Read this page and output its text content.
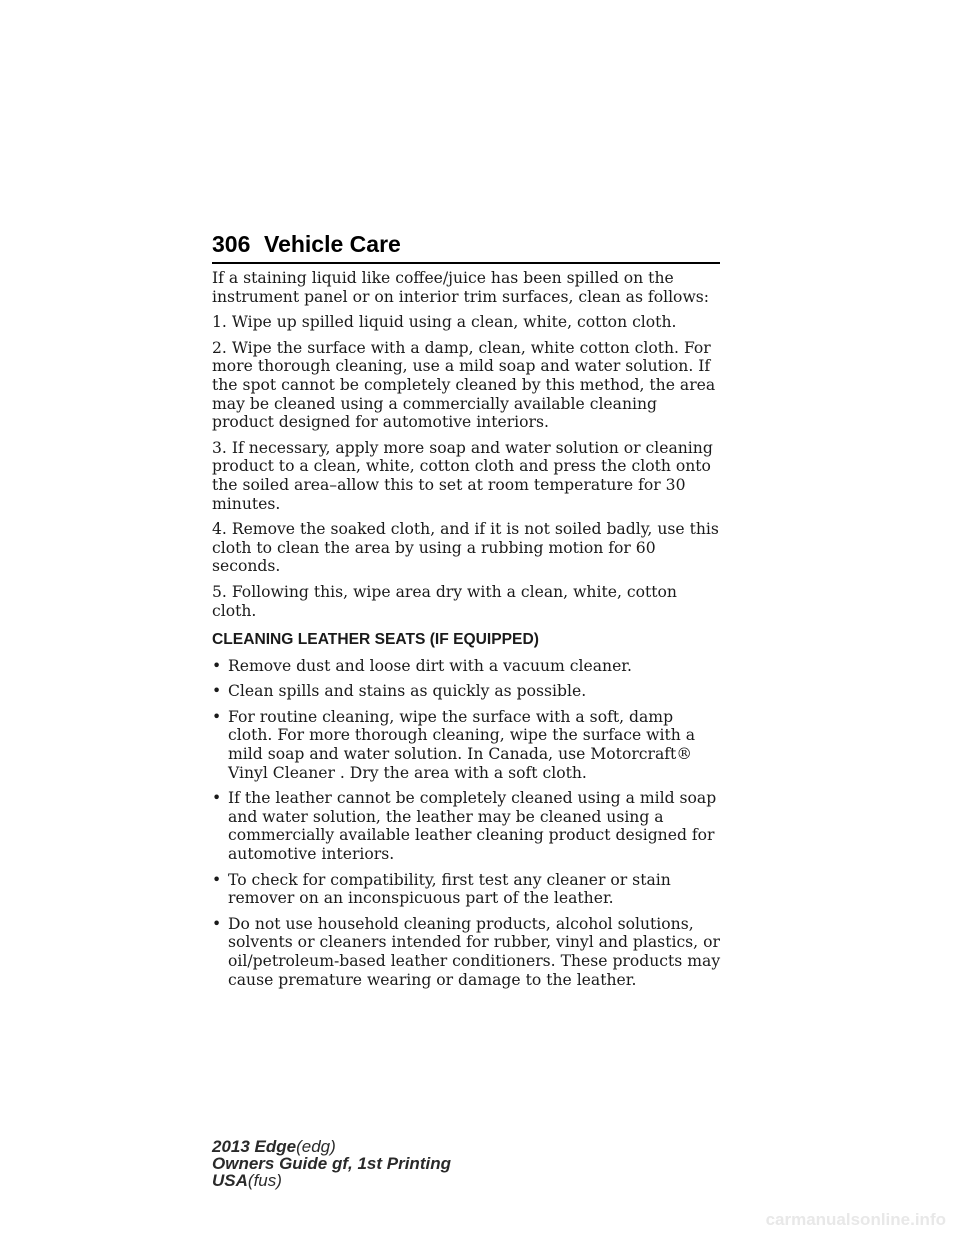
306 Vehicle Care

If a staining liquid like coffee/juice has been spilled on the instrument panel or on interior trim surfaces, clean as follows:

1. Wipe up spilled liquid using a clean, white, cotton cloth.

2. Wipe the surface with a damp, clean, white cotton cloth. For more thorough cleaning, use a mild soap and water solution. If the spot cannot be completely cleaned by this method, the area may be cleaned using a commercially available cleaning product designed for automotive interiors.

3. If necessary, apply more soap and water solution or cleaning product to a clean, white, cotton cloth and press the cloth onto the soiled area–allow this to set at room temperature for 30 minutes.

4. Remove the soaked cloth, and if it is not soiled badly, use this cloth to clean the area by using a rubbing motion for 60 seconds.

5. Following this, wipe area dry with a clean, white, cotton cloth.

CLEANING LEATHER SEATS (IF EQUIPPED)
• Remove dust and loose dirt with a vacuum cleaner.
• Clean spills and stains as quickly as possible.
• For routine cleaning, wipe the surface with a soft, damp cloth. For more thorough cleaning, wipe the surface with a mild soap and water solution. In Canada, use Motorcraft® Vinyl Cleaner . Dry the area with a soft cloth.
• If the leather cannot be completely cleaned using a mild soap and water solution, the leather may be cleaned using a commercially available leather cleaning product designed for automotive interiors.
• To check for compatibility, first test any cleaner or stain remover on an inconspicuous part of the leather.
• Do not use household cleaning products, alcohol solutions, solvents or cleaners intended for rubber, vinyl and plastics, or oil/petroleum-based leather conditioners. These products may cause premature wearing or damage to the leather.
2013 Edge(edg)
Owners Guide gf, 1st Printing
USA(fus)
carmanualsonline.info
